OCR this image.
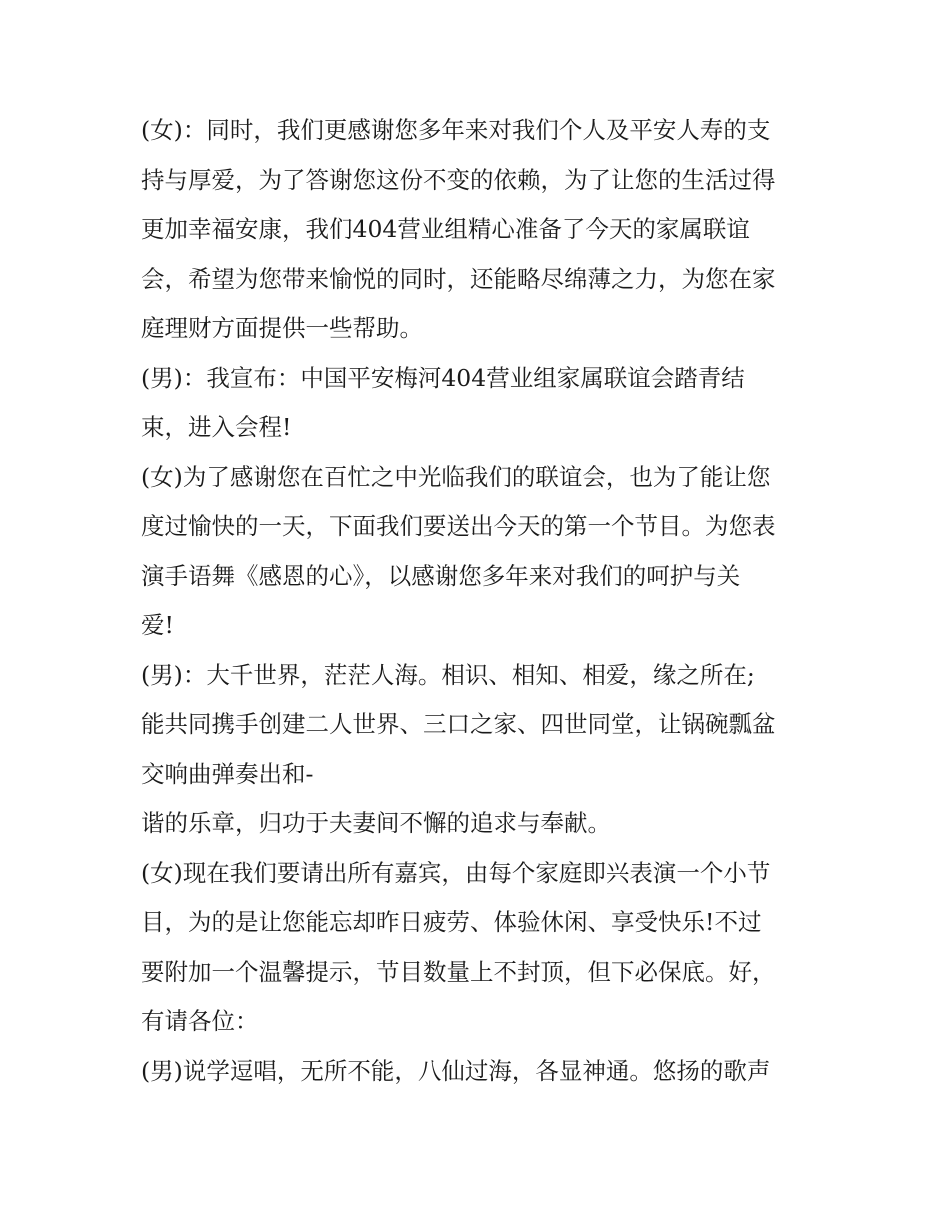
(女)：同时，我们更感谢您多年来对我们个人及平安人寿的支
持与厚爱，为了答谢您这份不变的依赖，为了让您的生活过得
更加幸福安康，我们404营业组精心准备了今天的家属联谊
会，希望为您带来愉悦的同时，还能略尽绵薄之力，为您在家
庭理财方面提供一些帮助。
(男)：我宣布：中国平安梅河404营业组家属联谊会踏青结
束，进入会程!
(女)为了感谢您在百忙之中光临我们的联谊会，也为了能让您
度过愉快的一天，下面我们要送出今天的第一个节目。为您表
演手语舞《感恩的心》，以感谢您多年来对我们的呵护与关
爱!
(男)：大千世界，茫茫人海。相识、相知、相爱，缘之所在;
能共同携手创建二人世界、三口之家、四世同堂，让锅碗瓢盆
交响曲弹奏出和-
谐的乐章，归功于夫妻间不懈的追求与奉献。
(女)现在我们要请出所有嘉宾，由每个家庭即兴表演一个小节
目，为的是让您能忘却昨日疲劳、体验休闲、享受快乐!不过
要附加一个温馨提示，节目数量上不封顶，但下必保底。好，
有请各位：
(男)说学逗唱，无所不能，八仙过海，各显神通。悠扬的歌声
